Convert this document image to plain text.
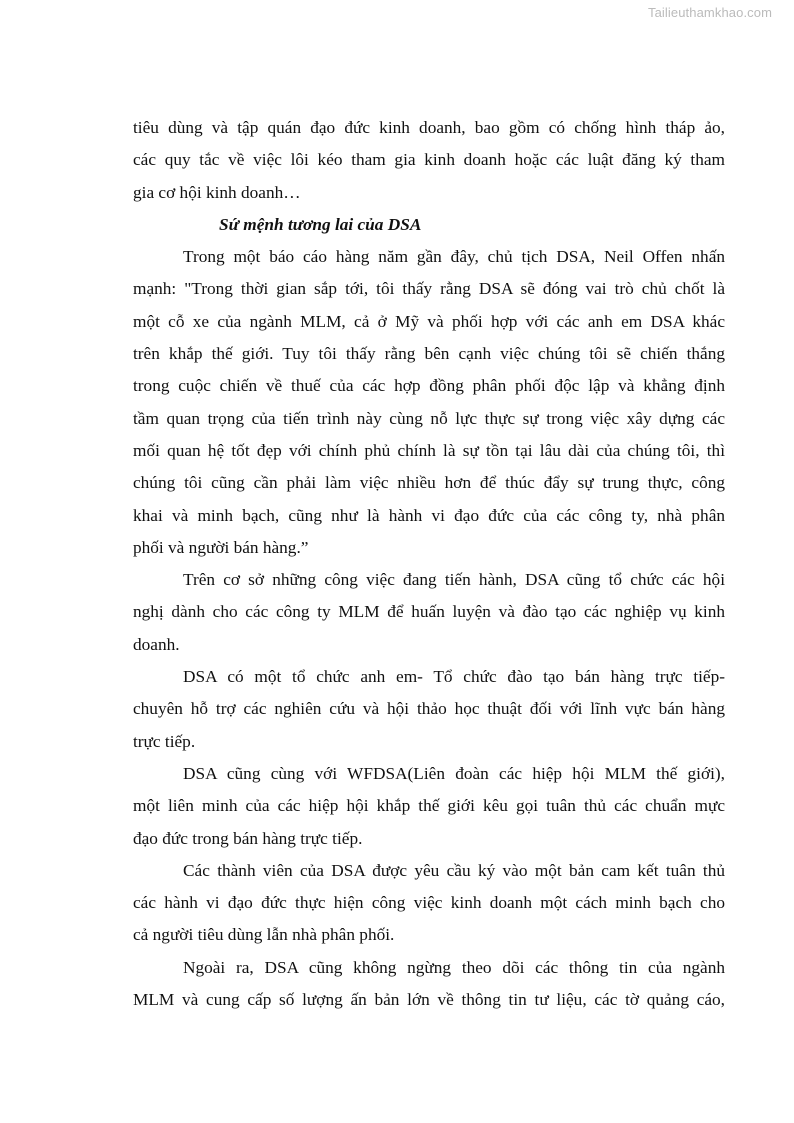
Tailieuthamkhao.com
tiêu dùng và tập quán đạo đức kinh doanh, bao gồm có chống hình tháp ảo,
các quy tắc về việc lôi kéo tham gia kinh doanh hoặc các luật đăng ký tham
gia cơ hội kinh doanh…
Sứ mệnh tương lai của DSA
Trong một báo cáo hàng năm gần đây, chủ tịch DSA, Neil Offen nhấn
mạnh: "Trong thời gian sắp tới, tôi thấy rằng DSA sẽ đóng vai trò chủ chốt là
một cỗ xe của ngành MLM, cả ở Mỹ và phối hợp với các anh em DSA khác
trên khắp thế giới. Tuy tôi thấy rằng bên cạnh việc chúng tôi sẽ chiến thắng
trong cuộc chiến về thuế của các hợp đồng phân phối độc lập và khẳng định
tầm quan trọng của tiến trình này cùng nỗ lực thực sự trong việc xây dựng các
mối quan hệ tốt đẹp với chính phủ chính là sự tồn tại lâu dài của chúng tôi, thì
chúng tôi cũng cần phải làm việc nhiều hơn để thúc đẩy sự trung thực, công
khai và minh bạch, cũng như là hành vi đạo đức của các công ty, nhà phân
phối và người bán hàng.”
Trên cơ sở những công việc đang tiến hành, DSA cũng tổ chức các hội
nghị dành cho các công ty MLM để huấn luyện và đào tạo các nghiệp vụ kinh
doanh.
DSA có một tổ chức anh em- Tổ chức đào tạo bán hàng trực tiếp-
chuyên hỗ trợ các nghiên cứu và hội thảo học thuật đối với lĩnh vực bán hàng
trực tiếp.
DSA cũng cùng với WFDSA(Liên đoàn các hiệp hội MLM thế giới),
một liên minh của các hiệp hội khắp thế giới kêu gọi tuân thủ các chuẩn mực
đạo đức trong bán hàng trực tiếp.
Các thành viên của DSA được yêu cầu ký vào một bản cam kết tuân thủ
các hành vi đạo đức thực hiện công việc kinh doanh một cách minh bạch cho
cả người tiêu dùng lẫn nhà phân phối.
Ngoài ra, DSA cũng không ngừng theo dõi các thông tin của ngành
MLM và cung cấp số lượng ấn bản lớn về thông tin tư liệu, các tờ quảng cáo,
